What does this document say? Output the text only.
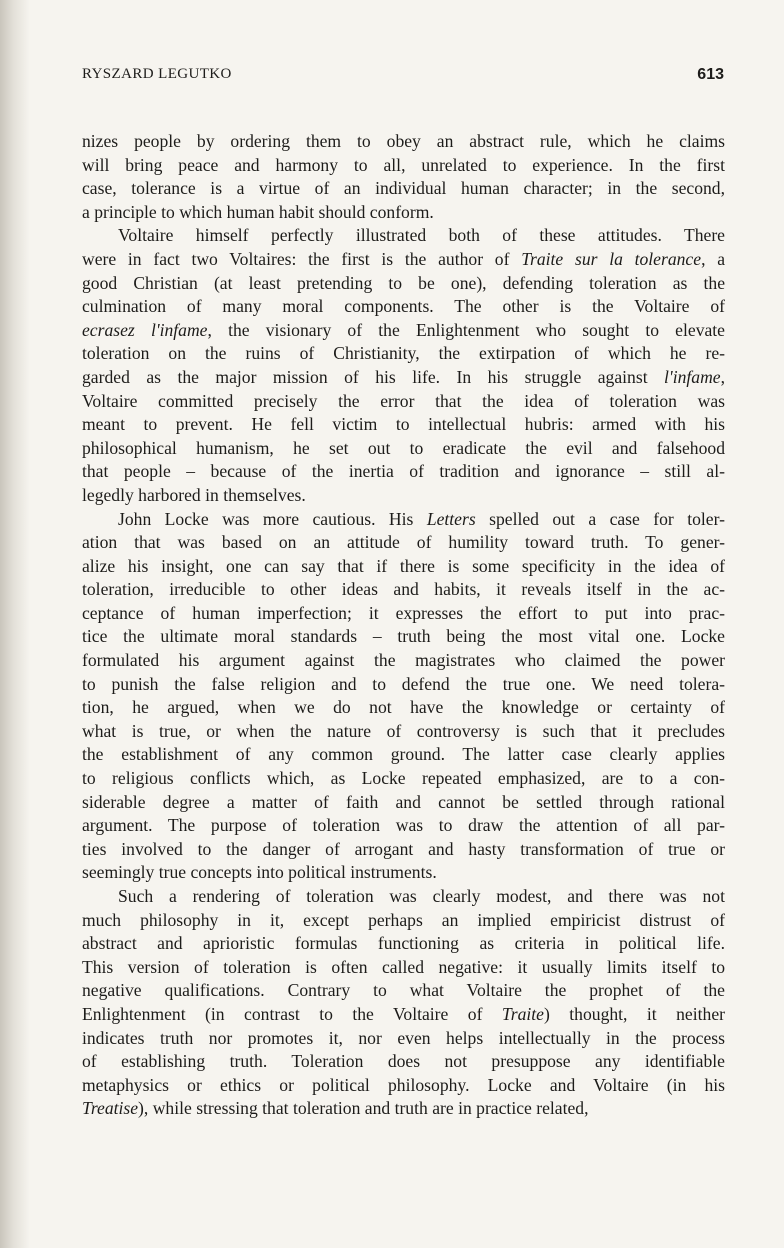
RYSZARD LEGUTKO	613
nizes people by ordering them to obey an abstract rule, which he claims
will bring peace and harmony to all, unrelated to experience. In the first
case, tolerance is a virtue of an individual human character; in the second,
a principle to which human habit should conform.
Voltaire himself perfectly illustrated both of these attitudes. There
were in fact two Voltaires: the first is the author of Traite sur la tolerance, a
good Christian (at least pretending to be one), defending toleration as the
culmination of many moral components. The other is the Voltaire of
ecrasez l'infame, the visionary of the Enlightenment who sought to elevate
toleration on the ruins of Christianity, the extirpation of which he re-
garded as the major mission of his life. In his struggle against l'infame,
Voltaire committed precisely the error that the idea of toleration was
meant to prevent. He fell victim to intellectual hubris: armed with his
philosophical humanism, he set out to eradicate the evil and falsehood
that people – because of the inertia of tradition and ignorance – still al-
legedly harbored in themselves.
John Locke was more cautious. His Letters spelled out a case for toler-
ation that was based on an attitude of humility toward truth. To gener-
alize his insight, one can say that if there is some specificity in the idea of
toleration, irreducible to other ideas and habits, it reveals itself in the ac-
ceptance of human imperfection; it expresses the effort to put into prac-
tice the ultimate moral standards – truth being the most vital one. Locke
formulated his argument against the magistrates who claimed the power
to punish the false religion and to defend the true one. We need tolera-
tion, he argued, when we do not have the knowledge or certainty of
what is true, or when the nature of controversy is such that it precludes
the establishment of any common ground. The latter case clearly applies
to religious conflicts which, as Locke repeated emphasized, are to a con-
siderable degree a matter of faith and cannot be settled through rational
argument. The purpose of toleration was to draw the attention of all par-
ties involved to the danger of arrogant and hasty transformation of true or
seemingly true concepts into political instruments.
Such a rendering of toleration was clearly modest, and there was not
much philosophy in it, except perhaps an implied empiricist distrust of
abstract and aprioristic formulas functioning as criteria in political life.
This version of toleration is often called negative: it usually limits itself to
negative qualifications. Contrary to what Voltaire the prophet of the
Enlightenment (in contrast to the Voltaire of Traite) thought, it neither
indicates truth nor promotes it, nor even helps intellectually in the process
of establishing truth. Toleration does not presuppose any identifiable
metaphysics or ethics or political philosophy. Locke and Voltaire (in his
Treatise), while stressing that toleration and truth are in practice related,
